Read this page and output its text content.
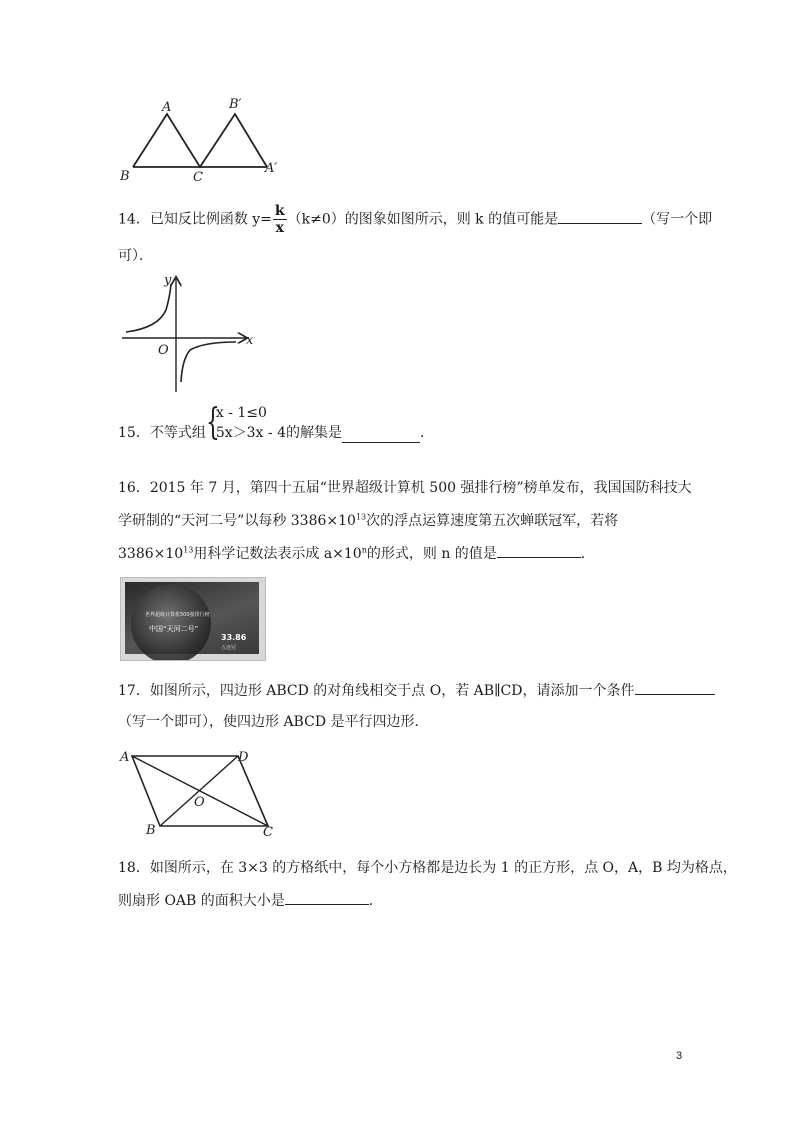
A	B′
B	C
A′
14．已知反比例函数 $y= \frac{k}{x} (k\ne 0)$的图象如图所示，则 k 的值可能是	（写一个即
可）．
y
x
O
15．不等式组 {
x - 1≤0
5x＞3x - 4 的解集是	．
16．2015 年 7 月，第四十五届“世界超级计算机 500 强排行榜”榜单发布，我国国防科技大
学研制的“天河二号”以每秒 $3386\times 10^{13}$次的浮点运算速度第五次蝉联冠军，若将
$3386\times 10^{13}$用科学记数法表示成 $a\times 10^n$的形式，则 n 的值是	．
世界超级计算机500强排行榜
中国“天河二号”
33.86
五连冠
17．如图所示，四边形 ABCD 的对角线相交于点 O，若 AB∥CD，请添加一个条件
（写一个即可），使四边形 ABCD 是平行四边形．
A	D
O
B	C
18．如图所示，在 3×3 的方格纸中，每个小方格都是边长为 1 的正方形，点 O，A，B 均为格点，
则扇形 OAB 的面积大小是	．
3
